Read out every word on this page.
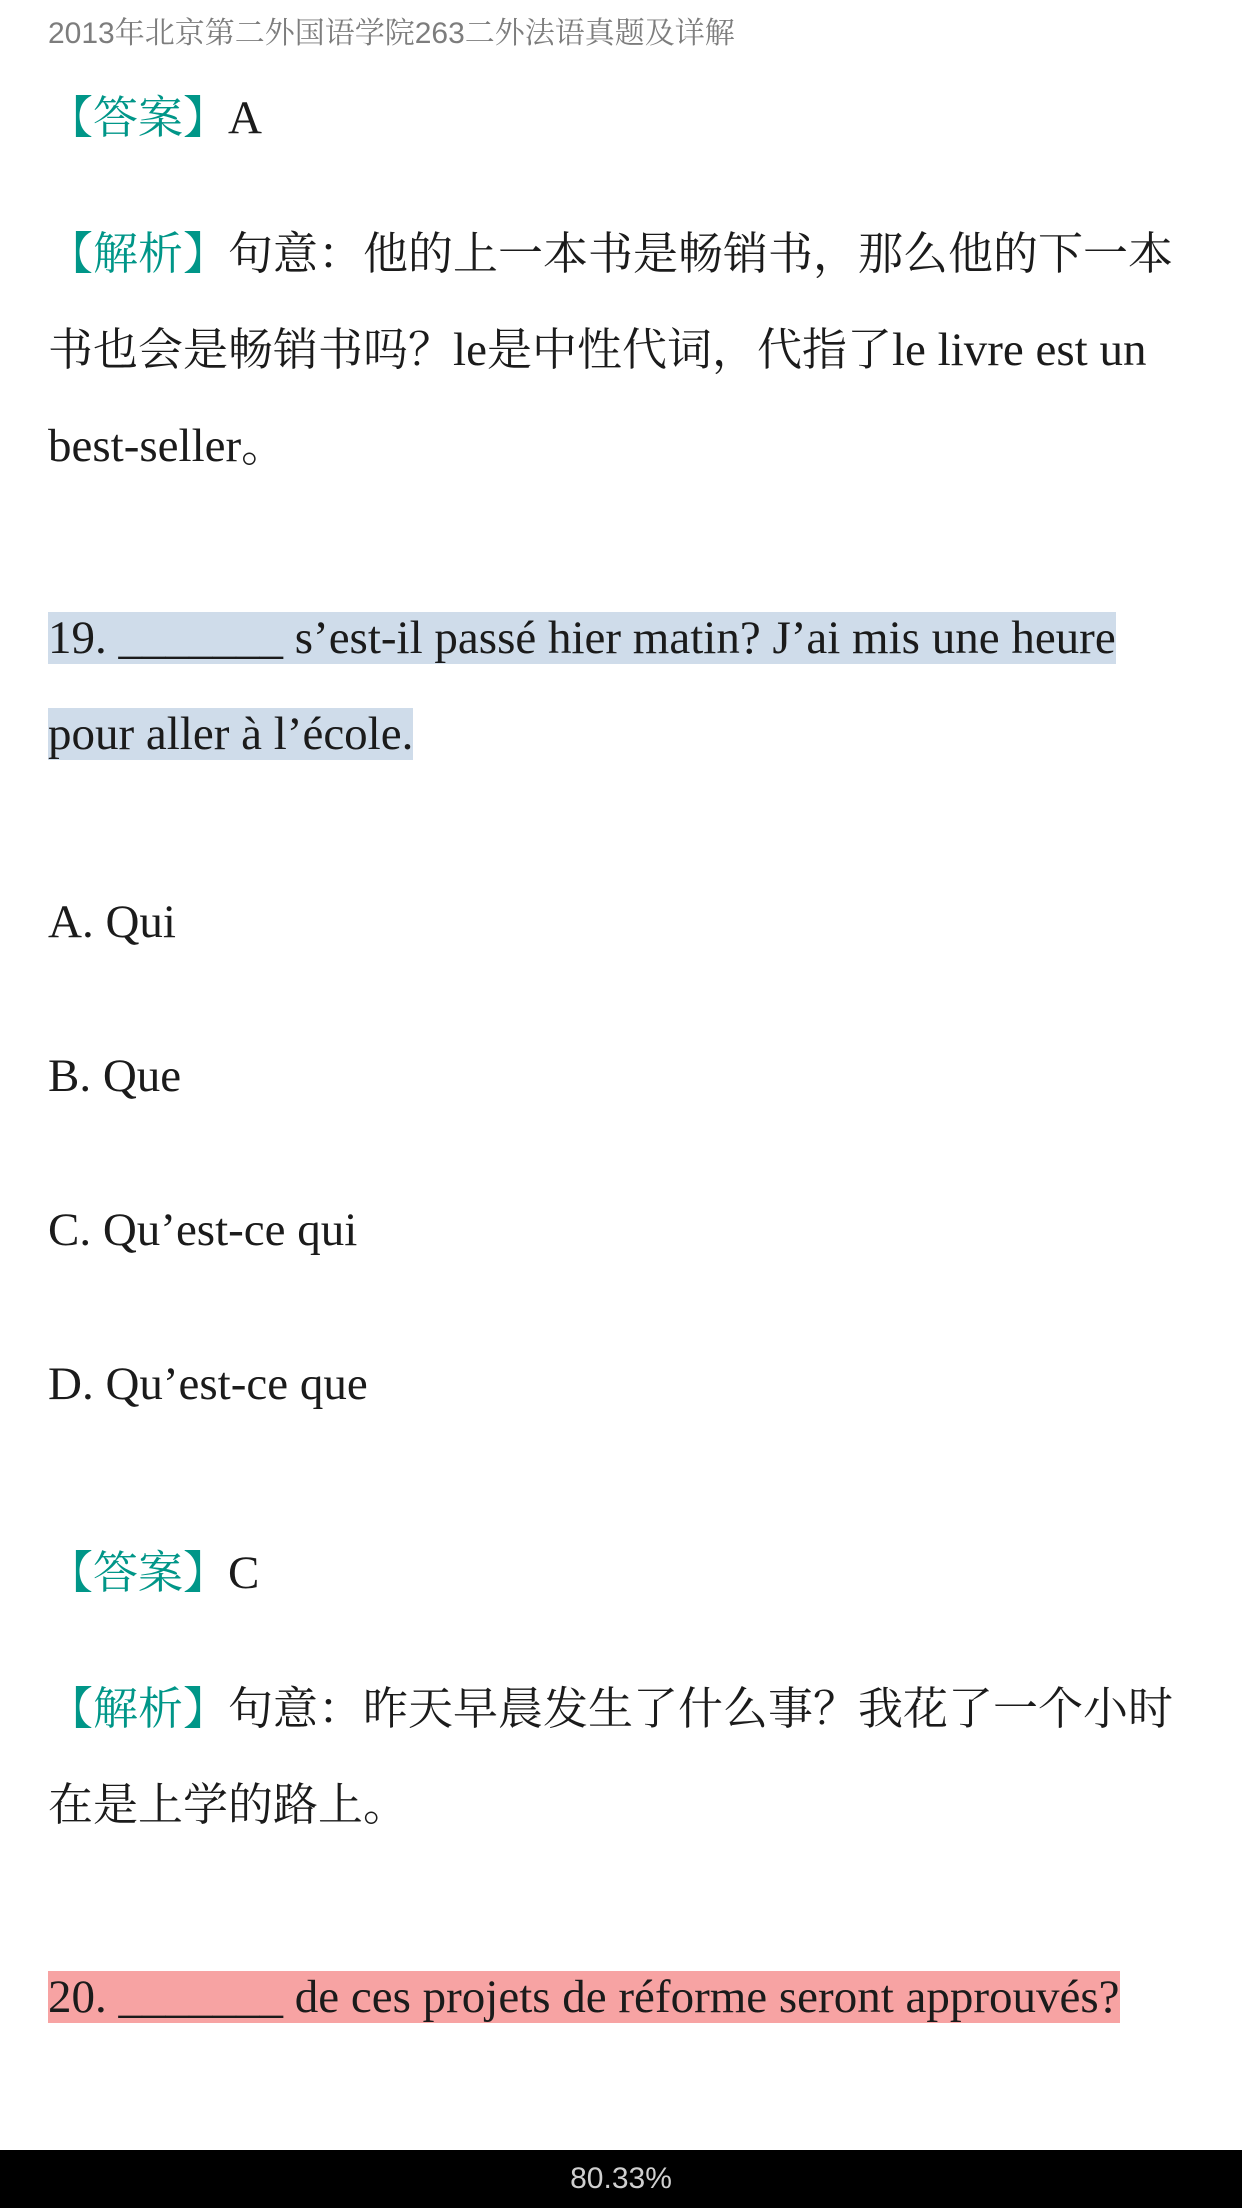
2013年北京第二外国语学院263二外法语真题及详解

【答案】A

【解析】句意：他的上一本书是畅销书，那么他的下一本书也会是畅销书吗？le是中性代词，代指了le livre est un best-seller。

19. _______ s’est-il passé hier matin? J’ai mis une heure pour aller à l’école.

A. Qui

B. Que

C. Qu’est-ce qui

D. Qu’est-ce que

【答案】C

【解析】句意：昨天早晨发生了什么事？我花了一个小时在是上学的路上。

20. _______ de ces projets de réforme seront approuvés?

80.33%
